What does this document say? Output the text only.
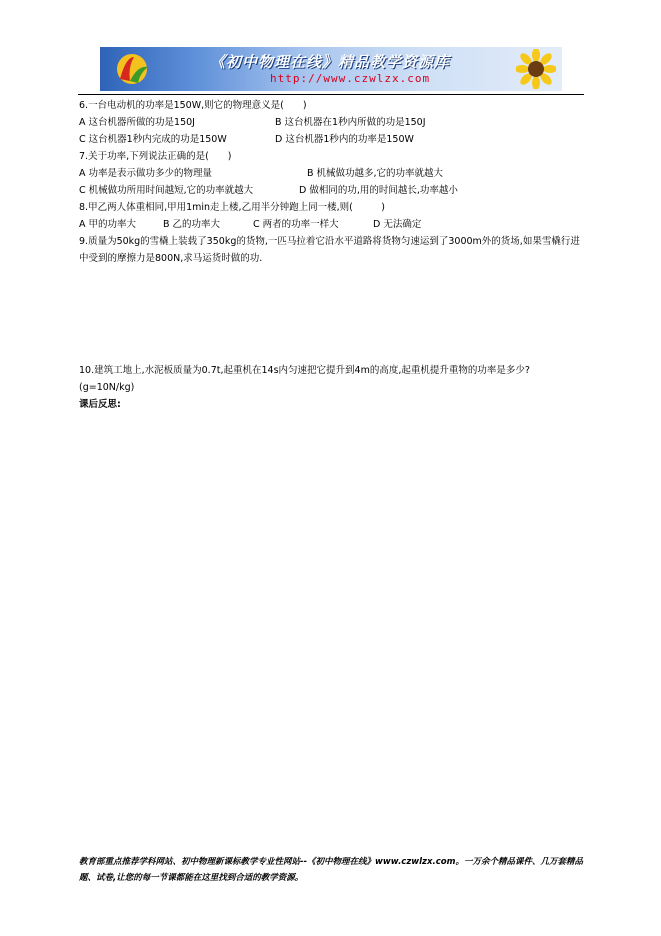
《初中物理在线》精品教学资源库
http://www.czwlzx.com
6.一台电动机的功率是150W,则它的物理意义是(　　)
A 这台机器所做的功是150J	B 这台机器在1秒内所做的功是150J
C 这台机器1秒内完成的功是150W	D 这台机器1秒内的功率是150W
7.关于功率,下列说法正确的是(　　)
A 功率是表示做功多少的物理量	B 机械做功越多,它的功率就越大
C 机械做功所用时间越短,它的功率就越大	D 做相同的功,用的时间越长,功率越小
8.甲乙两人体重相同,甲用1min走上楼,乙用半分钟跑上同一楼,则(　　　)
A 甲的功率大	B 乙的功率大	C 两者的功率一样大	D 无法确定
9.质量为50kg的雪橇上装载了350kg的货物,一匹马拉着它沿水平道路将货物匀速运到了3000m外的货场,如果雪橇行进中受到的摩擦力是800N,求马运货时做的功.
10.建筑工地上,水泥板质量为0.7t,起重机在14s内匀速把它提升到4m的高度,起重机提升重物的功率是多少?(g=10N/kg)
课后反思:
教育部重点推荐学科网站、初中物理新课标教学专业性网站--《初中物理在线》www.czwlzx.com。一万余个精品课件、几万套精品题、试卷,让您的每一节课都能在这里找到合适的教学资源。
